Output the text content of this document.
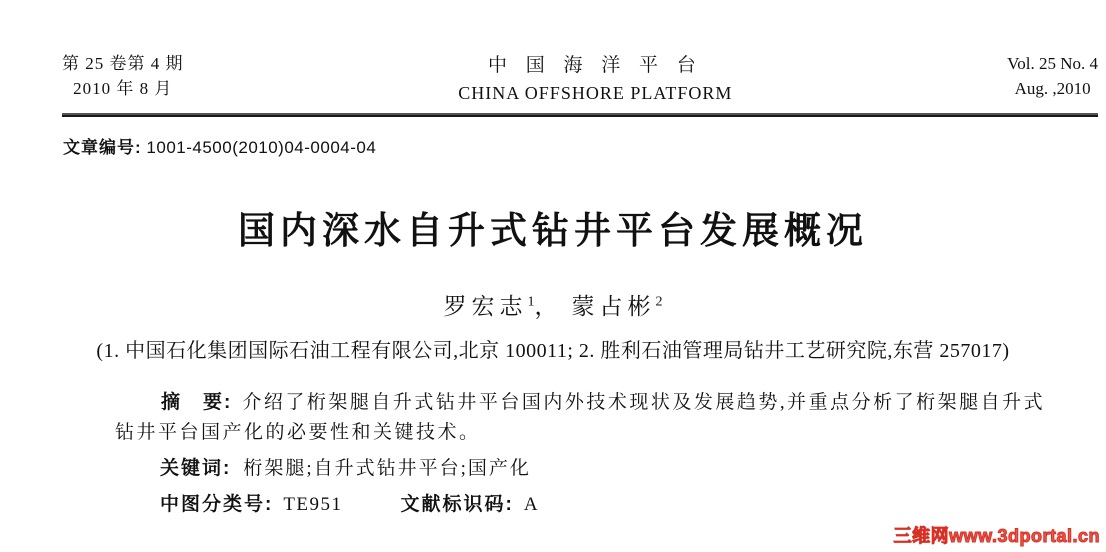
第 25 卷第 4 期
2010 年 8 月
中 国 海 洋 平 台
CHINA OFFSHORE PLATFORM
Vol. 25 No. 4
Aug. ,2010
文章编号: 1001-4500(2010)04-0004-04
国内深水自升式钻井平台发展概况
罗宏志$^1$， 蒙占彬$^2$
(1. 中国石化集团国际石油工程有限公司,北京 100011; 2. 胜利石油管理局钻井工艺研究院,东营 257017)

摘　要: 介绍了桁架腿自升式钻井平台国内外技术现状及发展趋势,并重点分析了桁架腿自升式钻井平台国产化的必要性和关键技术。

关键词: 桁架腿;自升式钻井平台;国产化
中图分类号: TE951	文献标识码: A
三维网www.3dportal.cn
